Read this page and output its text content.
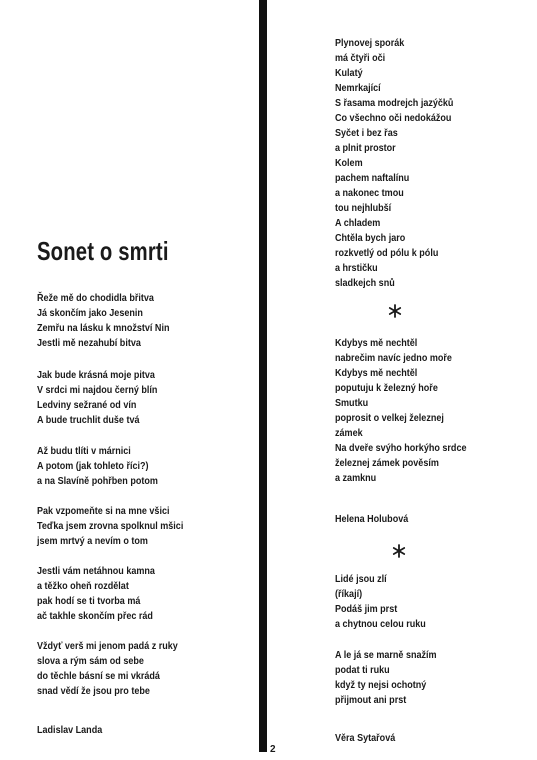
2
Sonet o smrti
Řeže mě do chodidla břitva
Já skončím jako Jesenin
Zemřu na lásku k množství Nin
Jestli mě nezahubí bitva
Jak bude krásná moje pitva
V srdci mi najdou černý blín
Ledviny sežrané od vín
A bude truchlit duše tvá
Až budu tlíti v márnici
A potom (jak tohleto říci?)
a na Slavíně pohřben potom
Pak vzpomeňte si na mne všici
Teďka jsem zrovna spolknul mšici
jsem mrtvý a nevím o tom
Jestli vám netáhnou kamna
a těžko oheň rozdělat
pak hodí se ti tvorba má
ač takhle skončím přec rád
Vždyť verš mi jenom padá z ruky
slova a rým sám od sebe
do těchle básní se mi vkrádá
snad vědí že jsou pro tebe
Ladislav Landa
Plynovej sporák
má čtyři oči
Kulatý
Nemrkající
S řasama modrejch jazýčků
Co všechno oči nedokážou
Syčet i bez řas
a plnit prostor
Kolem
pachem naftalínu
a nakonec tmou
tou nejhlubší
A chladem
Chtěla bych jaro
rozkvetlý od pólu k pólu
a hrstičku
sladkejch snů
Kdybys mě nechtěl
nabrečim navíc jedno moře
Kdybys mě nechtěl
poputuju k železný hoře
Smutku
poprosit o velkej železnej
zámek
Na dveře svýho horkýho srdce
železnej zámek pověsím
a zamknu
Helena Holubová
Lidé jsou zlí
(říkají)
Podáš jim prst
a chytnou celou ruku
A le já se marně snažím
podat ti ruku
když ty nejsi ochotný
přijmout ani prst
Věra Sytařová
